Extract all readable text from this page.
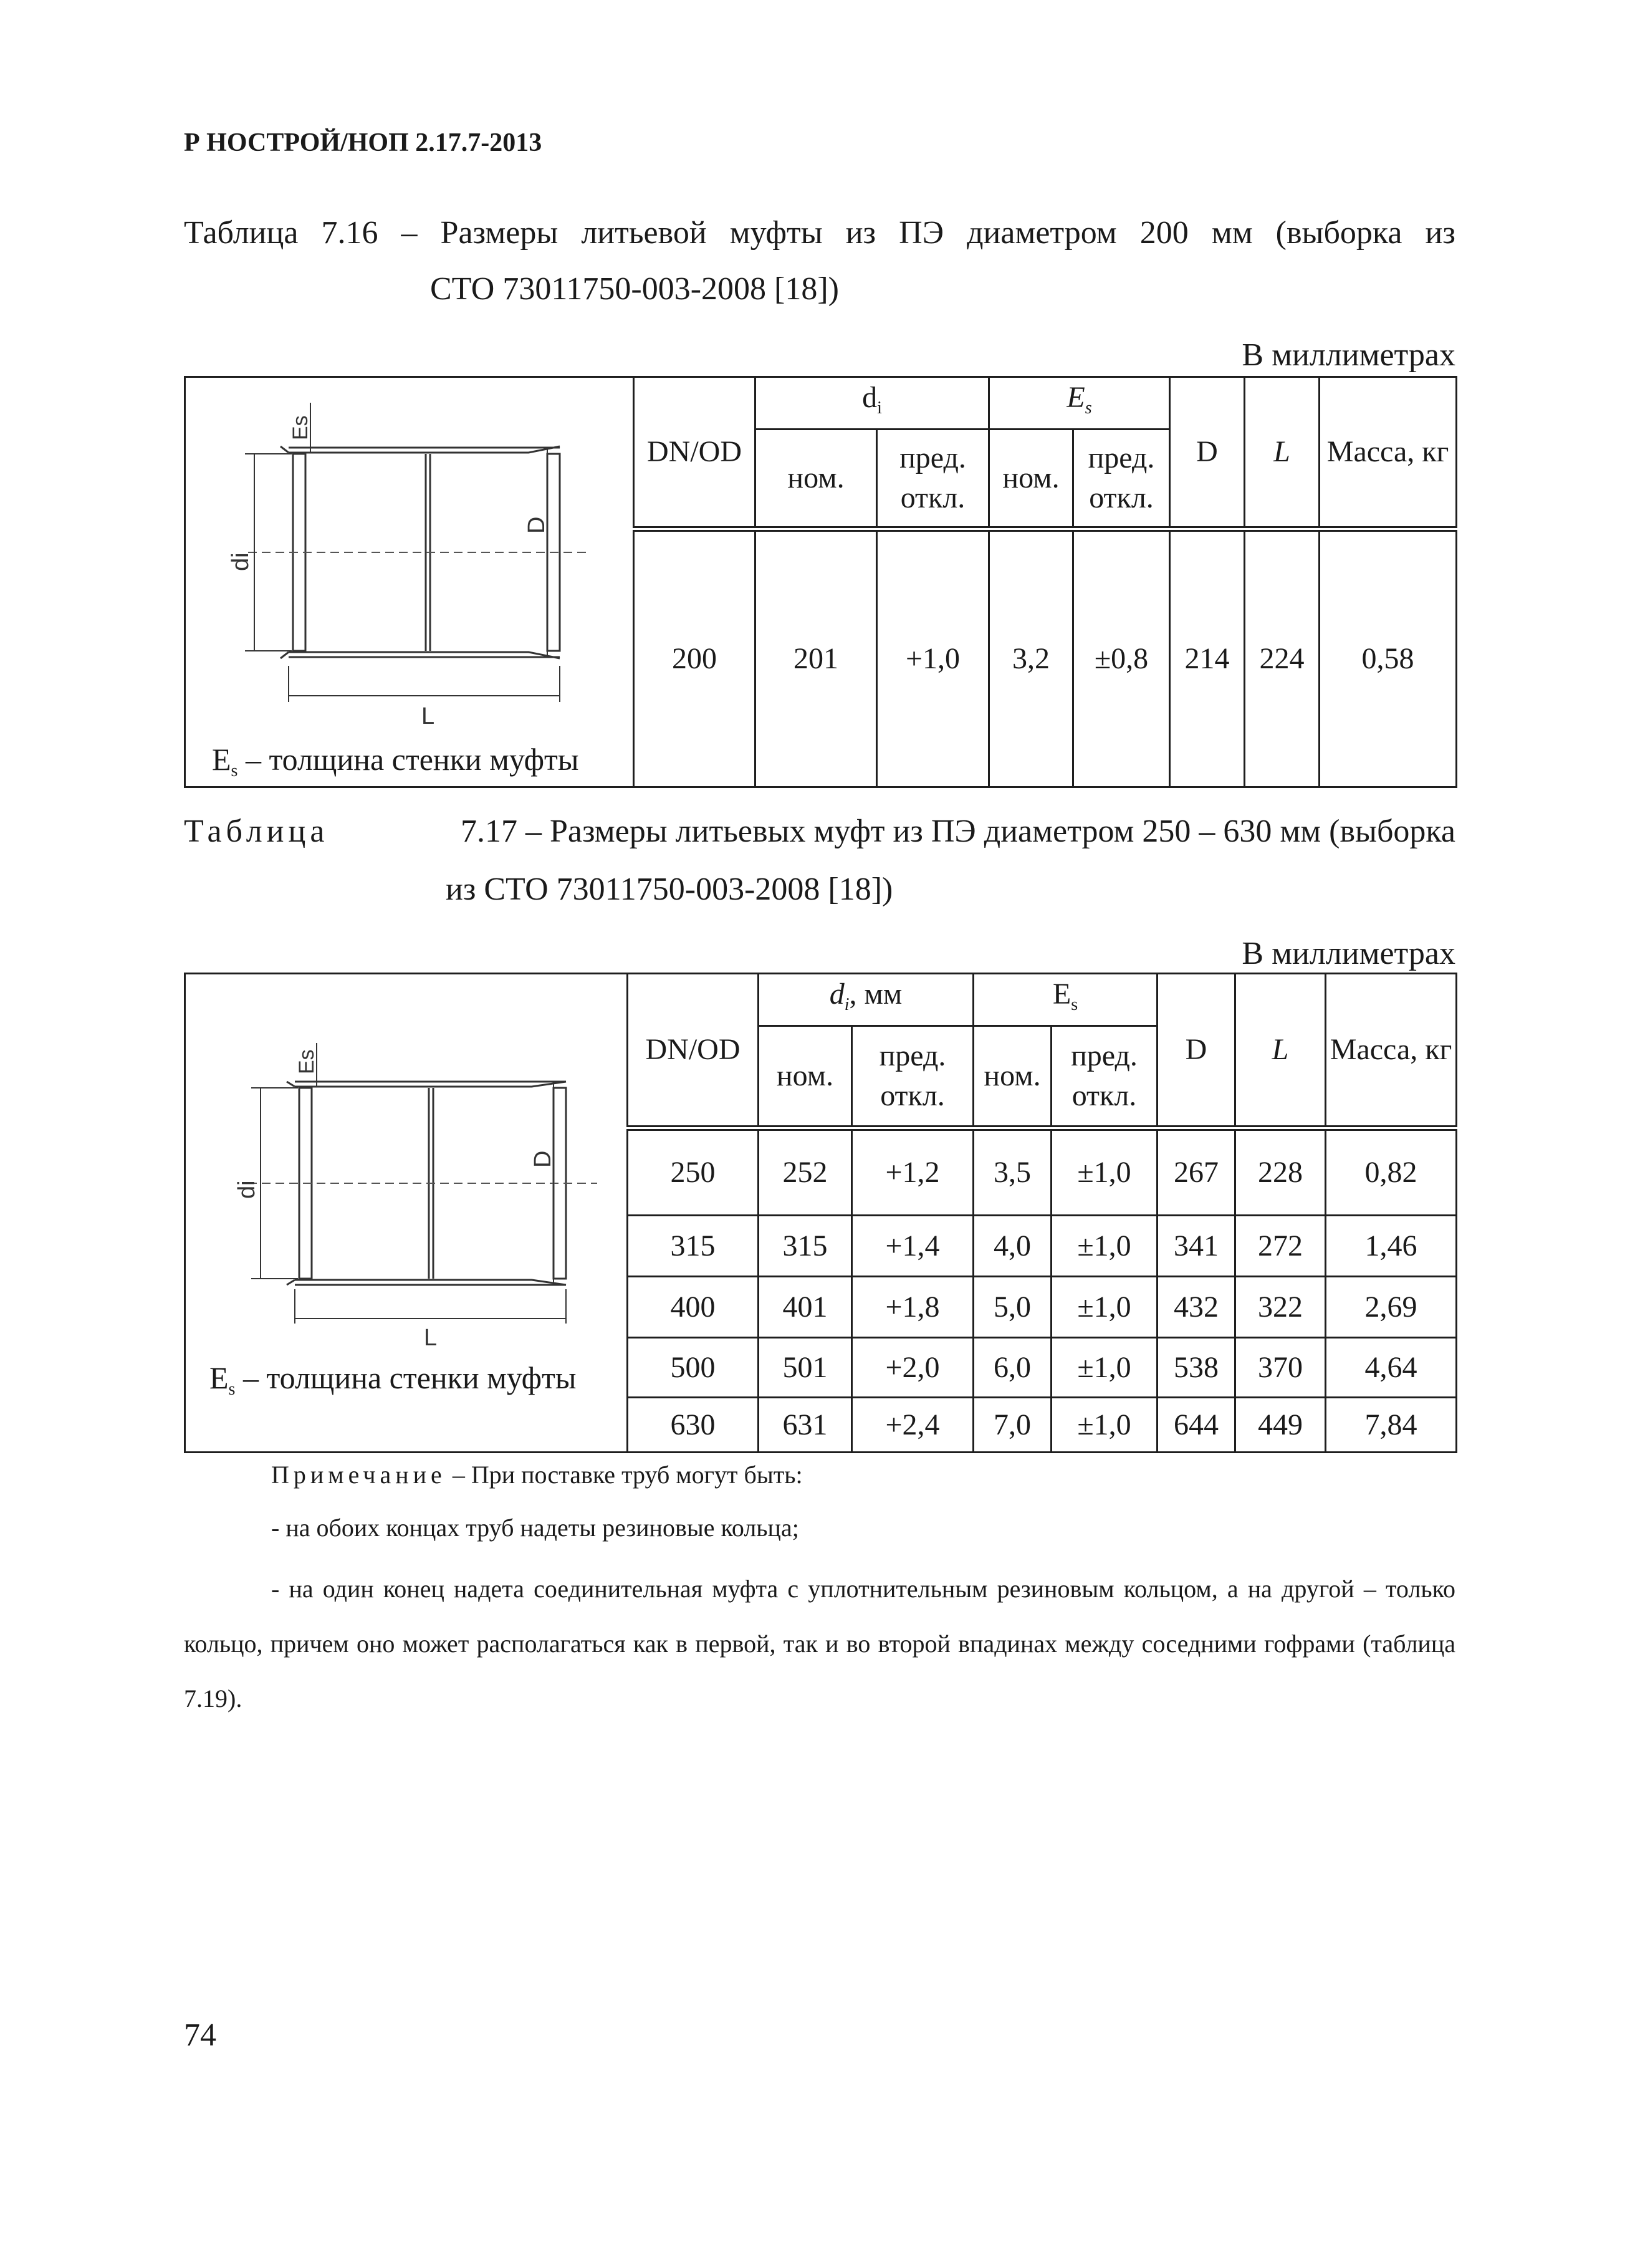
Р НОСТРОЙ/НОП 2.17.7-2013
Таблица 7.16 – Размеры литьевой муфты из ПЭ диаметром 200 мм (выборка из
СТО 73011750-003-2008 [18])
В миллиметрах
Es
D
di
L
$E_s$ – толщина стенки муфты	DN/OD	$d_i$		$E_s$		D	L	Масса, кг
		ном.	пред. откл.	ном.	пред. откл.			
	200	201	+1,0	3,2	±0,8	214	224	0,58
Таблица	7.17 – Размеры литьевых муфт из ПЭ диаметром 250 – 630 мм (выборка
из СТО 73011750-003-2008 [18])
В миллиметрах
Es
D
di
L
$E_s$ – толщина стенки муфты	DN/OD	$d_i$, мм		$E_s$		D	L	Масса, кг
		ном.	пред. откл.	ном.	пред. откл.			
	250	252	+1,2	3,5	±1,0	267	228	0,82
	315	315	+1,4	4,0	±1,0	341	272	1,46
	400	401	+1,8	5,0	±1,0	432	322	2,69
	500	501	+2,0	6,0	±1,0	538	370	4,64
	630	631	+2,4	7,0	±1,0	644	449	7,84
Примечание – При поставке труб могут быть:
- на обоих концах труб надеты резиновые кольца;
- на один конец надета соединительная муфта с уплотнительным резиновым кольцом, а на другой – только кольцо, причем оно может располагаться как в первой, так и во второй впадинах между соседними гофрами (таблица 7.19).
74
